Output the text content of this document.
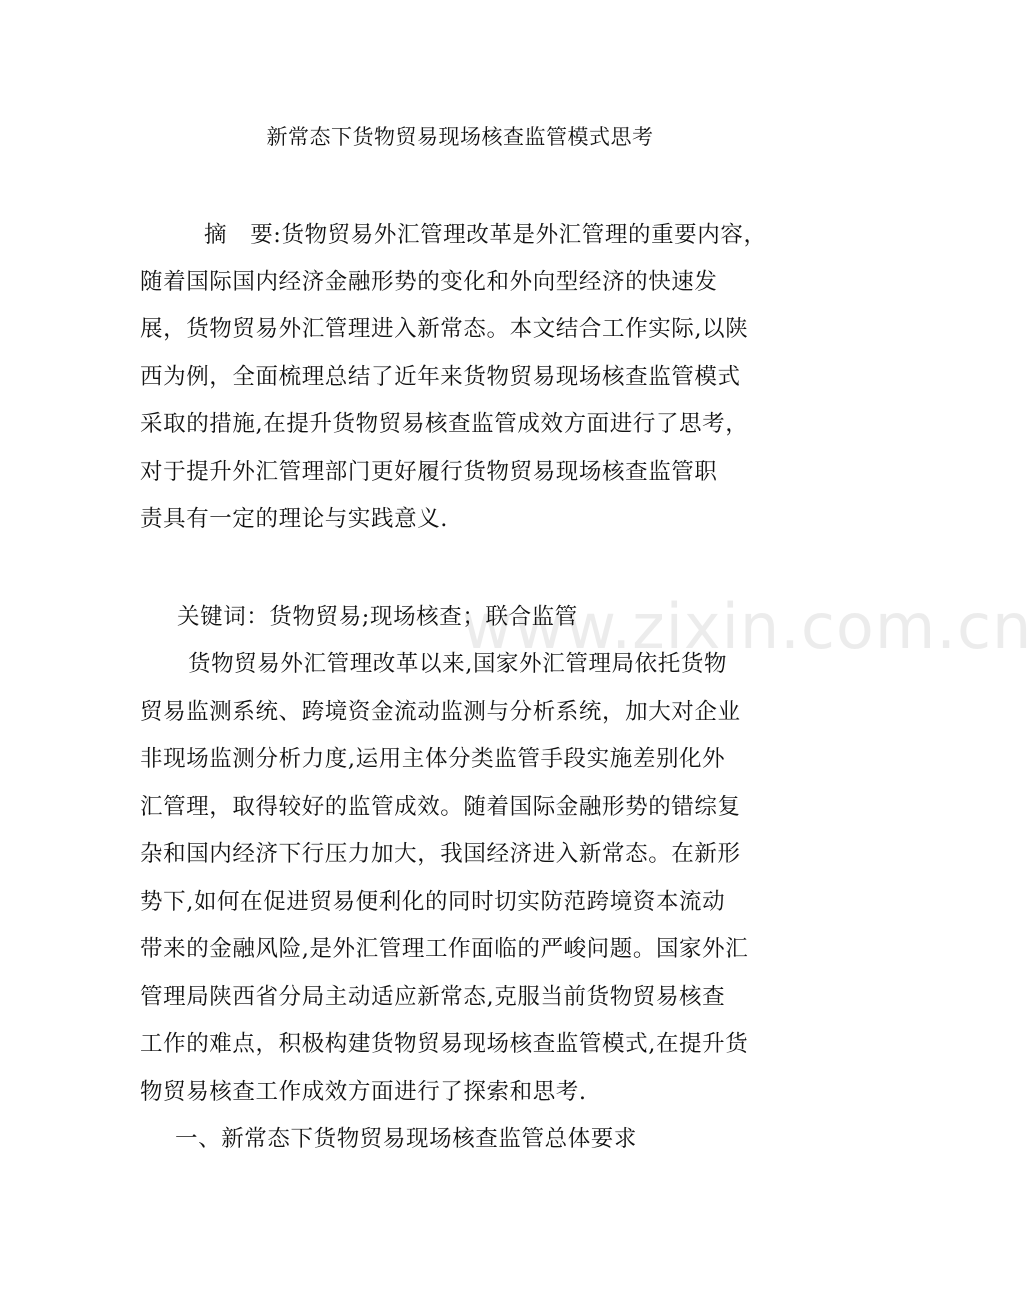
新常态下货物贸易现场核查监管模式思考
摘　要:货物贸易外汇管理改革是外汇管理的重要内容，
随着国际国内经济金融形势的变化和外向型经济的快速发
展，货物贸易外汇管理进入新常态。本文结合工作实际,以陕
西为例，全面梳理总结了近年来货物贸易现场核查监管模式
采取的措施,在提升货物贸易核查监管成效方面进行了思考，
对于提升外汇管理部门更好履行货物贸易现场核查监管职
责具有一定的理论与实践意义.
关键词：货物贸易;现场核查；联合监管
货物贸易外汇管理改革以来,国家外汇管理局依托货物
贸易监测系统、跨境资金流动监测与分析系统，加大对企业
非现场监测分析力度,运用主体分类监管手段实施差别化外
汇管理，取得较好的监管成效。随着国际金融形势的错综复
杂和国内经济下行压力加大，我国经济进入新常态。在新形
势下,如何在促进贸易便利化的同时切实防范跨境资本流动
带来的金融风险,是外汇管理工作面临的严峻问题。国家外汇
管理局陕西省分局主动适应新常态,克服当前货物贸易核查
工作的难点，积极构建货物贸易现场核查监管模式,在提升货
物贸易核查工作成效方面进行了探索和思考.
一、新常态下货物贸易现场核查监管总体要求
www.zixin.com.cn
